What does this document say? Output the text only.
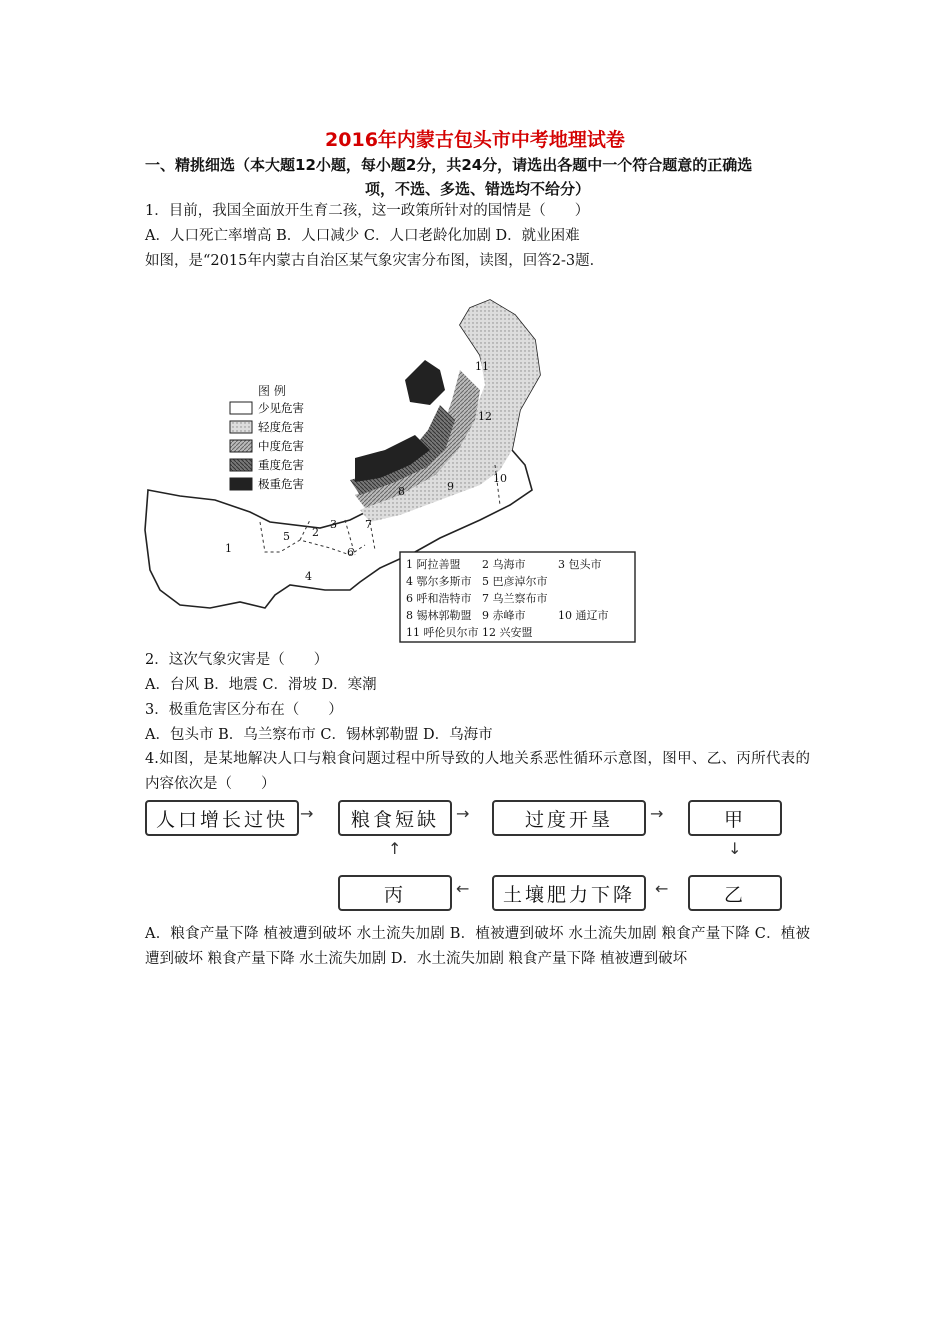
2016年内蒙古包头市中考地理试卷
一、精挑细选（本大题12小题，每小题2分，共24分，请选出各题中一个符合题意的正确选
项，不选、多选、错选均不给分）
1．目前，我国全面放开生育二孩，这一政策所针对的国情是（　　）
A．人口死亡率增高 B．人口减少 C．人口老龄化加剧 D．就业困难
如图，是“2015年内蒙古自治区某气象灾害分布图，读图，回答2-3题．
图 例
少见危害
轻度危害
中度危害
重度危害
极重危害
1
2
3
4
5
6
7
8	9
10
11
12
1 阿拉善盟 2 乌海市	3 包头市
4 鄂尔多斯市 5 巴彦淖尔市
6 呼和浩特市 7 乌兰察布市
8 锡林郭勒盟 9 赤峰市	10 通辽市
11 呼伦贝尔市 12 兴安盟
2．这次气象灾害是（　　）
A．台风 B．地震 C．滑坡 D．寒潮
3．极重危害区分布在（　　）
A．包头市 B．乌兰察布市 C．锡林郭勒盟 D．乌海市
4.如图，是某地解决人口与粮食问题过程中所导致的人地关系恶性循环示意图，图甲、乙、丙所代表的内容依次是（　　）
人口增长过快 →	粮食短缺	→	过度开垦	→	甲
↓
乙
←
土壤肥力下降
←
丙
↑
A．粮食产量下降 植被遭到破坏 水土流失加剧 B．植被遭到破坏 水土流失加剧 粮食产量下降 C．植被遭到破坏 粮食产量下降 水土流失加剧 D．水土流失加剧 粮食产量下降 植被遭到破坏
